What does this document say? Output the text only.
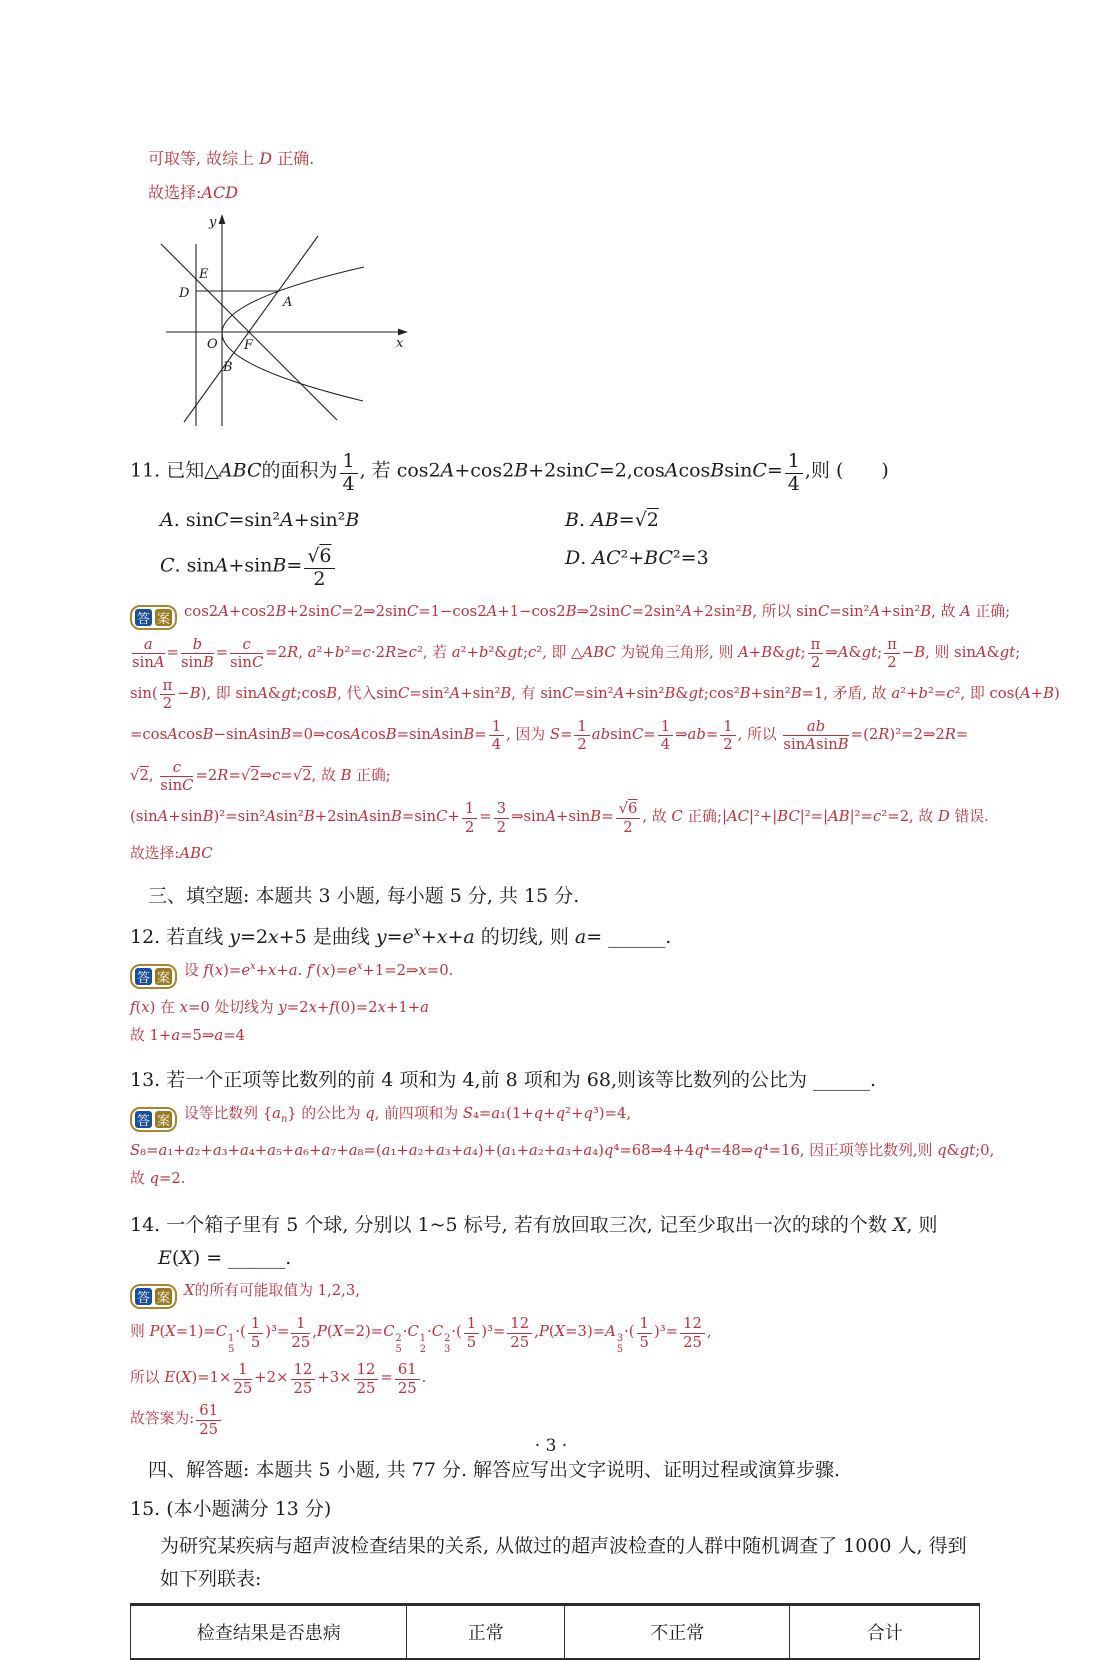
可取等, 故综上 D 正确.
故选择:ACD
y
x
E
D
A
O F
B
11. 已知△ABC的面积为 $\frac{1}{4}$ , 若 cos2A+cos2B+2sinC=2,cosAcosBsinC= $\frac{1}{4}$ ,则 (　　)
A. sinC=sin²A+sin²B	B. AB=√2
C. $\sin A+\sin B= \frac{√6}{2}$	D. AC²+BC²=3
答 案 cos2A+cos2B+2sinC=2⇒2sinC=1−cos2A+1−cos2B⇒2sinC=2sin²A+2sin²B, 所以 sinC=sin²A+sin²B, 故 A 正确;
$\frac{a}{\sin A} = \frac{b}{\sin B} = \frac{c}{\sin C} =2R$, a²+b²=c·2R≥c², 若 a²+b²&gt;c², 即 △ABC 为锐角三角形, 则 A+B&gt; $\frac{\pi}{2}$ ⇒A&gt; $\frac{\pi}{2} -B$, 则 sinA&gt;
$\sin( \frac{\pi}{2} -B)$, 即 sinA&gt;cosB, 代入sinC=sin²A+sin²B, 有 sinC=sin²A+sin²B&gt;cos²B+sin²B=1, 矛盾, 故 a²+b²=c², 即 cos(A+B)
=cosAcosB−sinAsinB=0⇒cosAcosB=sinAsinB= $\frac{1}{4}$ , 因为 $S= \frac{1}{2} absinC= \frac{1}{4}$ ⇒ab= $\frac{1}{2}$ , 所以 $\frac{ab}{\text{sinAsinB}}$ =(2R)²=2⇒2R=
√2, $\frac{c}{\sin C}$ =2R=√2⇒c=√2, 故 B 正确;
(sinA+sinB)²=sin²Asin²B+2sinAsinB=sinC+ $\frac{1}{2} = \frac{3}{2}$ ⇒sinA+sinB= $\frac{√6}{2}$ , 故 C 正确;|AC|²+|BC|²=|AB|²=c²=2, 故 D 错误.
故选择:ABC
三、填空题: 本题共 3 小题, 每小题 5 分, 共 15 分.
12. 若直线 y=2x+5 是曲线 $y=e^x+x+a$ 的切线, 则 a= ______.
答 案 设 $f(x)=e^x+x+a$. $f'(x)=e^x+1=2\Rightarrow x=0$.
f(x) 在 x=0 处切线为 y=2x+f(0)=2x+1+a
故 1+a=5⇒a=4
13. 若一个正项等比数列的前 4 项和为 4,前 8 项和为 68,则该等比数列的公比为 ______.
答 案 设等比数列 $\{a_n\}$ 的公比为 q, 前四项和为 S₄=a₁(1+q+q²+q³)=4,
S₈=a₁+a₂+a₃+a₄+a₅+a₆+a₇+a₈=(a₁+a₂+a₃+a₄)+(a₁+a₂+a₃+a₄)q⁴=68⇒4+4q⁴=48⇒q⁴=16, 因正项等比数列,则 q&gt;0,
故 q=2.
14. 一个箱子里有 5 个球, 分别以 1~5 标号, 若有放回取三次, 记至少取出一次的球的个数 X, 则
E(X) = ______.
答 案 X的所有可能取值为 1,2,3,
则 P(X=1)=C 1
5
·( $\frac{1}{5} )^3= \frac{1}{25} ,P(X=2)=C$ 2
5
·C 1
2
·C 2
3
·( $\frac{1}{5} )^3= \frac{12}{25} ,P(X=3)=A$ 3
5
·( $\frac{1}{5} )^3= \frac{12}{25}$ ,
所以 $E(X)=1\times \frac{1}{25} +2\times \frac{12}{25} +3\times \frac{12}{25} = \frac{61}{25}$ .
故答案为: $\frac{61}{25}$
四、解答题: 本题共 5 小题, 共 77 分. 解答应写出文字说明、证明过程或演算步骤.
15. (本小题满分 13 分)
为研究某疾病与超声波检查结果的关系, 从做过的超声波检查的人群中随机调查了 1000 人, 得到
如下列联表:
检查结果是否患病	正常	不正常	合计
· 3 ·
